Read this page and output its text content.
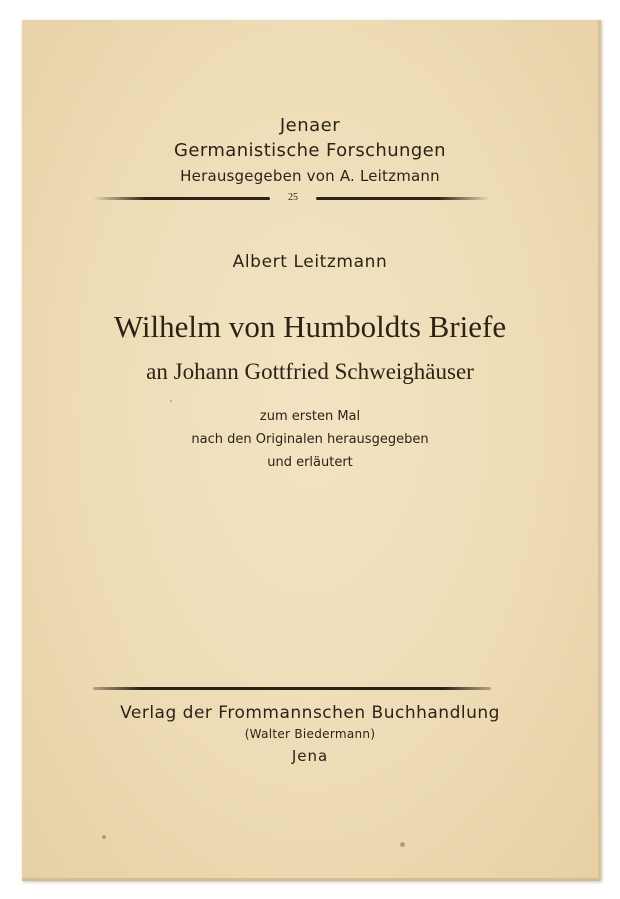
Jenaer
Germanistische Forschungen
Herausgegeben von A. Leitzmann
25
Albert Leitzmann
Wilhelm von Humboldts Briefe
an Johann Gottfried Schweighäuser
zum ersten Mal
nach den Originalen herausgegeben
und erläutert
Verlag der Frommannschen Buchhandlung
(Walter Biedermann)
Jena
